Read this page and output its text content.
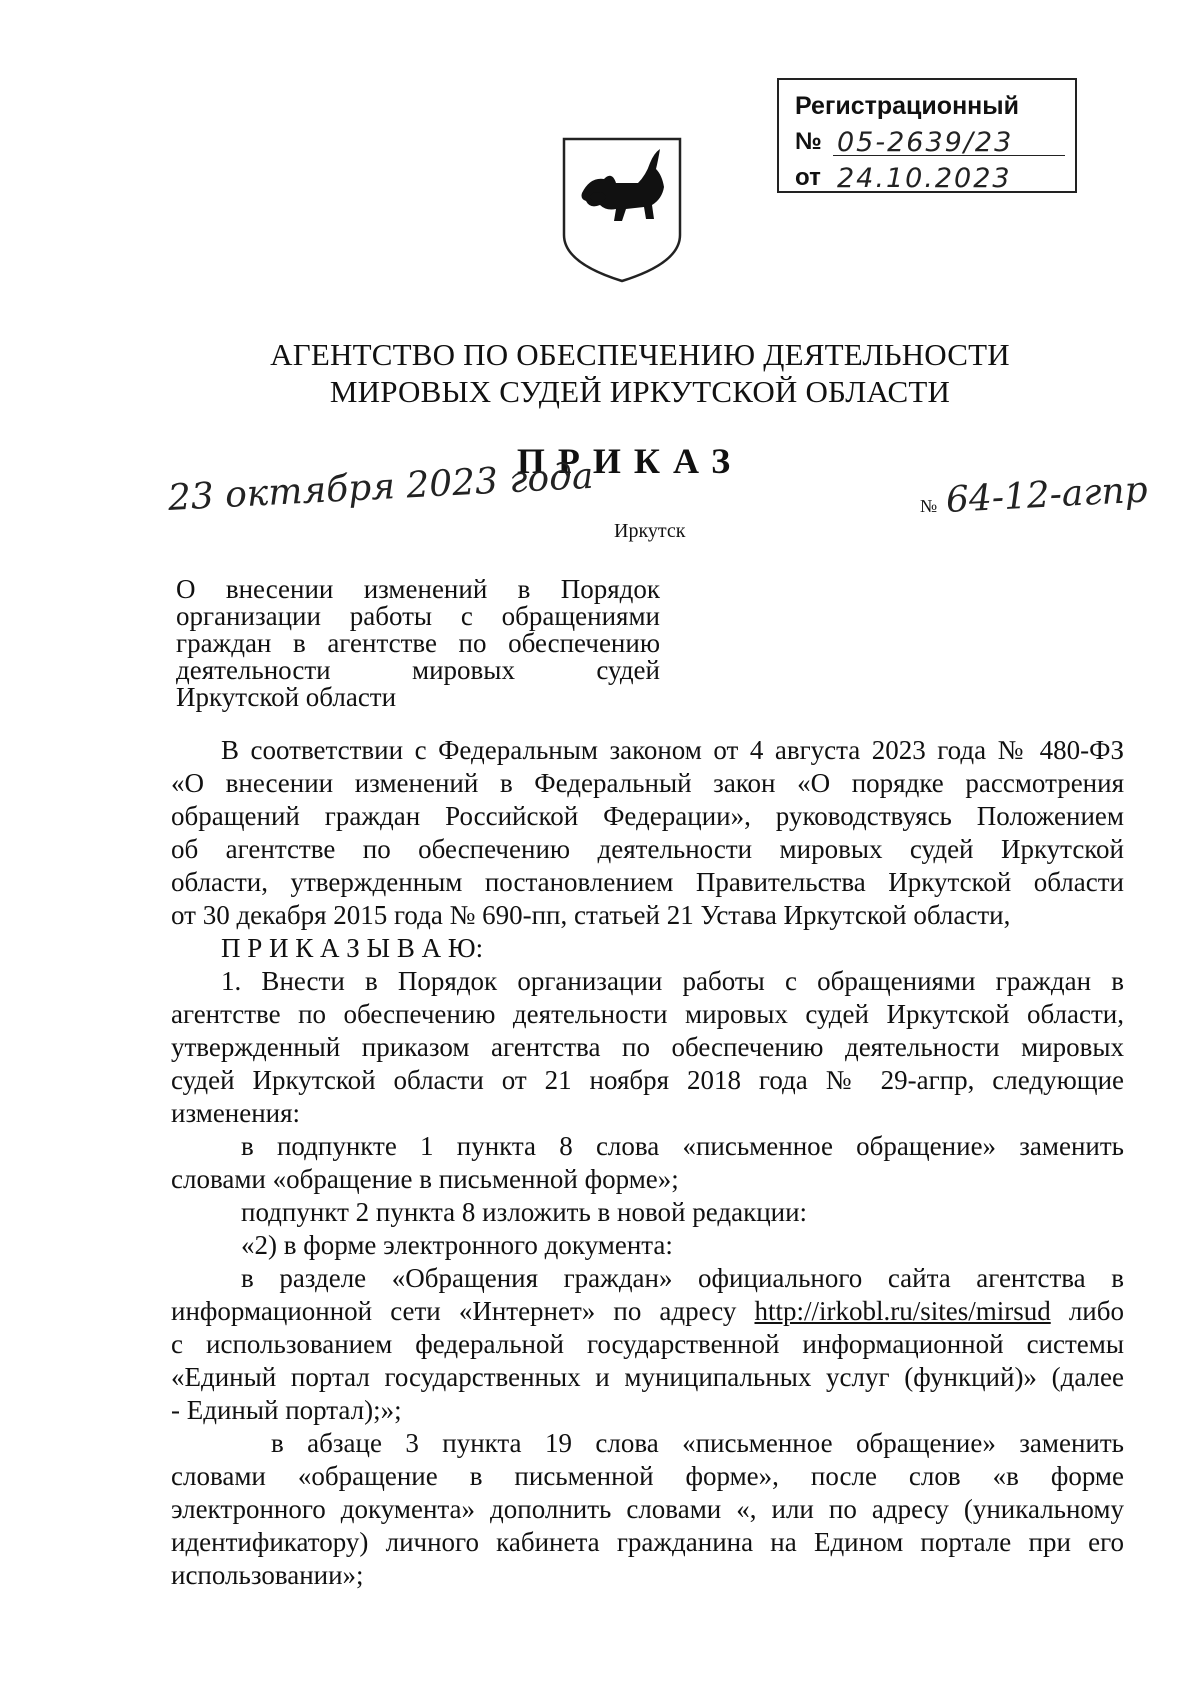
Регистрационный
№ 05-2639/23
от 24.10.2023
АГЕНТСТВО ПО ОБЕСПЕЧЕНИЮ ДЕЯТЕЛЬНОСТИ
МИРОВЫХ СУДЕЙ ИРКУТСКОЙ ОБЛАСТИ
ПРИКАЗ
23 октября 2023 года	№ 64-12-агпр
Иркутск
О внесении изменений в Порядок
организации работы с обращениями
граждан в агентстве по обеспечению
деятельности мировых судей
Иркутской области
В соответствии с Федеральным законом от 4 августа 2023 года № 480-ФЗ
«О внесении изменений в Федеральный закон «О порядке рассмотрения
обращений граждан Российской Федерации», руководствуясь Положением
об агентстве по обеспечению деятельности мировых судей Иркутской
области, утвержденным постановлением Правительства Иркутской области
от 30 декабря 2015 года № 690-пп, статьей 21 Устава Иркутской области,
П Р И К А З Ы В А Ю:
1. Внести в Порядок организации работы с обращениями граждан в
агентстве по обеспечению деятельности мировых судей Иркутской области,
утвержденный приказом агентства по обеспечению деятельности мировых
судей Иркутской области от 21 ноября 2018 года № 29-агпр, следующие
изменения:
в подпункте 1 пункта 8 слова «письменное обращение» заменить
словами «обращение в письменной форме»;
подпункт 2 пункта 8 изложить в новой редакции:
«2) в форме электронного документа:
в разделе «Обращения граждан» официального сайта агентства в
информационной сети «Интернет» по адресу http://irkobl.ru/sites/mirsud либо
с использованием федеральной государственной информационной системы
«Единый портал государственных и муниципальных услуг (функций)» (далее
- Единый портал);»;
в абзаце 3 пункта 19 слова «письменное обращение» заменить
словами «обращение в письменной форме», после слов «в форме
электронного документа» дополнить словами «, или по адресу (уникальному
идентификатору) личного кабинета гражданина на Едином портале при его
использовании»;
